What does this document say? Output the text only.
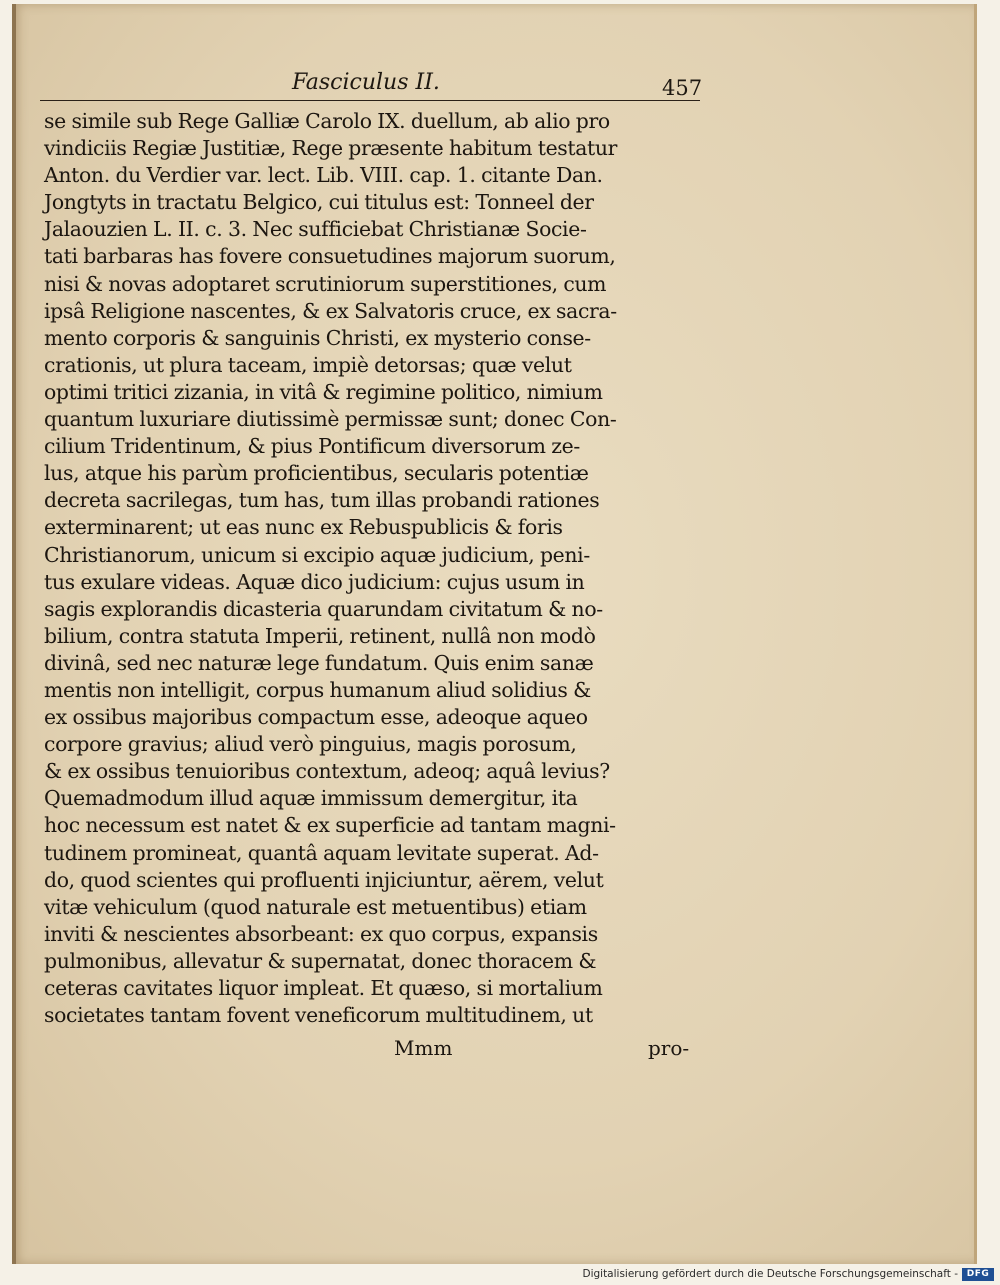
Fasciculus II.	457
se simile sub Rege Galliæ Carolo IX. duellum, ab alio pro
vindiciis Regiæ Justitiæ, Rege præsente habitum testatur
Anton. du Verdier var. lect. Lib. VIII. cap. 1. citante Dan.
Jongtyts in tractatu Belgico, cui titulus est: Tonneel der
Jalaouzien L. II. c. 3. Nec sufficiebat Christianæ Socie-
tati barbaras has fovere consuetudines majorum suorum,
nisi & novas adoptaret scrutiniorum superstitiones, cum
ipsâ Religione nascentes, & ex Salvatoris cruce, ex sacra-
mento corporis & sanguinis Christi, ex mysterio conse-
crationis, ut plura taceam, impiè detorsas; quæ velut
optimi tritici zizania, in vitâ & regimine politico, nimium
quantum luxuriare diutissimè permissæ sunt; donec Con-
cilium Tridentinum, & pius Pontificum diversorum ze-
lus, atque his parùm proficientibus, secularis potentiæ
decreta sacrilegas, tum has, tum illas probandi rationes
exterminarent; ut eas nunc ex Rebuspublicis & foris
Christianorum, unicum si excipio aquæ judicium, peni-
tus exulare videas. Aquæ dico judicium: cujus usum in
sagis explorandis dicasteria quarundam civitatum & no-
bilium, contra statuta Imperii, retinent, nullâ non modò
divinâ, sed nec naturæ lege fundatum. Quis enim sanæ
mentis non intelligit, corpus humanum aliud solidius &
ex ossibus majoribus compactum esse, adeoque aqueo
corpore gravius; aliud verò pinguius, magis porosum,
& ex ossibus tenuioribus contextum, adeoq; aquâ levius?
Quemadmodum illud aquæ immissum demergitur, ita
hoc necessum est natet & ex superficie ad tantam magni-
tudinem promineat, quantâ aquam levitate superat. Ad-
do, quod scientes qui profluenti injiciuntur, aërem, velut
vitæ vehiculum (quod naturale est metuentibus) etiam
inviti & nescientes absorbeant: ex quo corpus, expansis
pulmonibus, allevatur & supernatat, donec thoracem &
ceteras cavitates liquor impleat. Et quæso, si mortalium
societates tantam fovent veneficorum multitudinem, ut
Mmm	pro-
Digitalisierung gefördert durch die Deutsche Forschungsgemeinschaft - DFG
